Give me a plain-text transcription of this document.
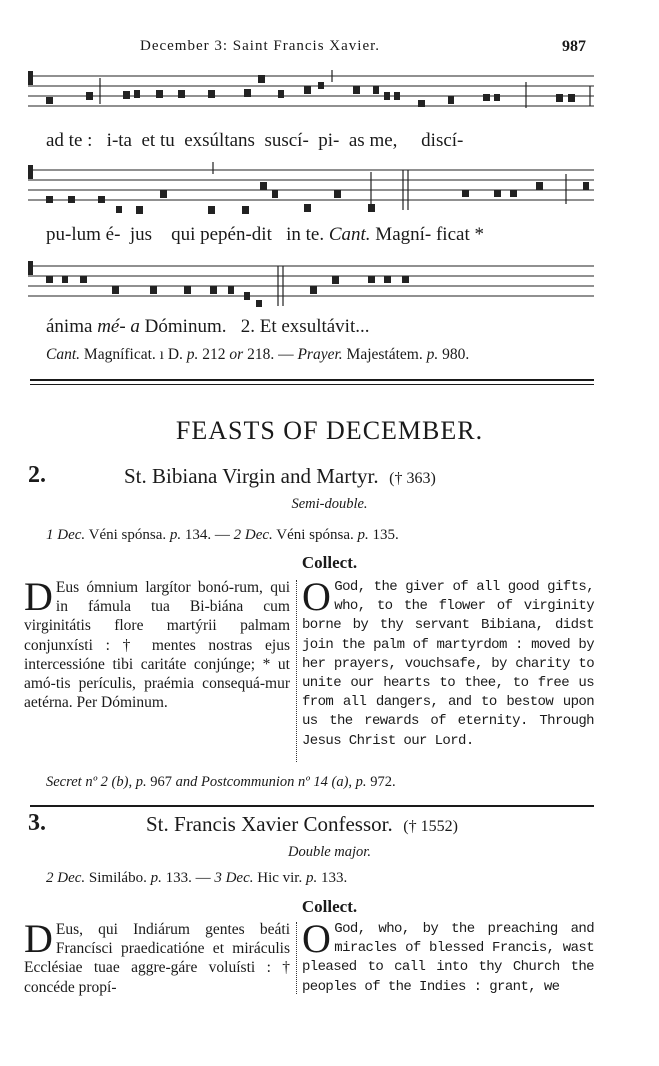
December 3: Saint Francis Xavier.	987
ad te :   i-ta  et tu  exsúltans  suscí-  pi-  as me,     discí-
pu-lum é-  jus    qui pepén-dit   in te. Cant. Magní- ficat *
ánima mé- a Dóminum.   2. Et exsultávit...
Cant. Magníficat. ı D. p. 212 or 218. — Prayer. Majestátem. p. 980.
FEASTS OF DECEMBER.
2.	St. Bibiana Virgin and Martyr. († 363)
Semi-double.
1 Dec. Véni spónsa. p. 134. — 2 Dec. Véni spónsa. p. 135.
Collect.

D Eus ómnium largítor bonó-rum, qui in fámula tua Bi-biána cum virginitátis flore martýrii palmam conjunxísti : † mentes nostras ejus intercessióne tibi caritáte conjúnge; * ut amó-tis perículis, praémia consequá-mur aetérna. Per Dóminum.

O God, the giver of all good gifts, who, to the flower of virginity borne by thy servant Bibiana, didst join the palm of martyrdom : moved by her prayers, vouchsafe, by charity to unite our hearts to thee, to free us from all dangers, and to bestow upon us the rewards of eternity. Through Jesus Christ our Lord.

Secret nº 2 (b), p. 967 and Postcommunion nº 14 (a), p. 972.
3.	St. Francis Xavier Confessor. († 1552)
Double major.
2 Dec. Similábo. p. 133. — 3 Dec. Hic vir. p. 133.
Collect.

D Eus, qui Indiárum gentes beáti Francísci praedicatióne et miráculis Ecclésiae tuae aggre-gáre voluísti : † concéde propí-

O God, who, by the preaching and miracles of blessed Francis, wast pleased to call into thy Church the peoples of the Indies : grant, we
